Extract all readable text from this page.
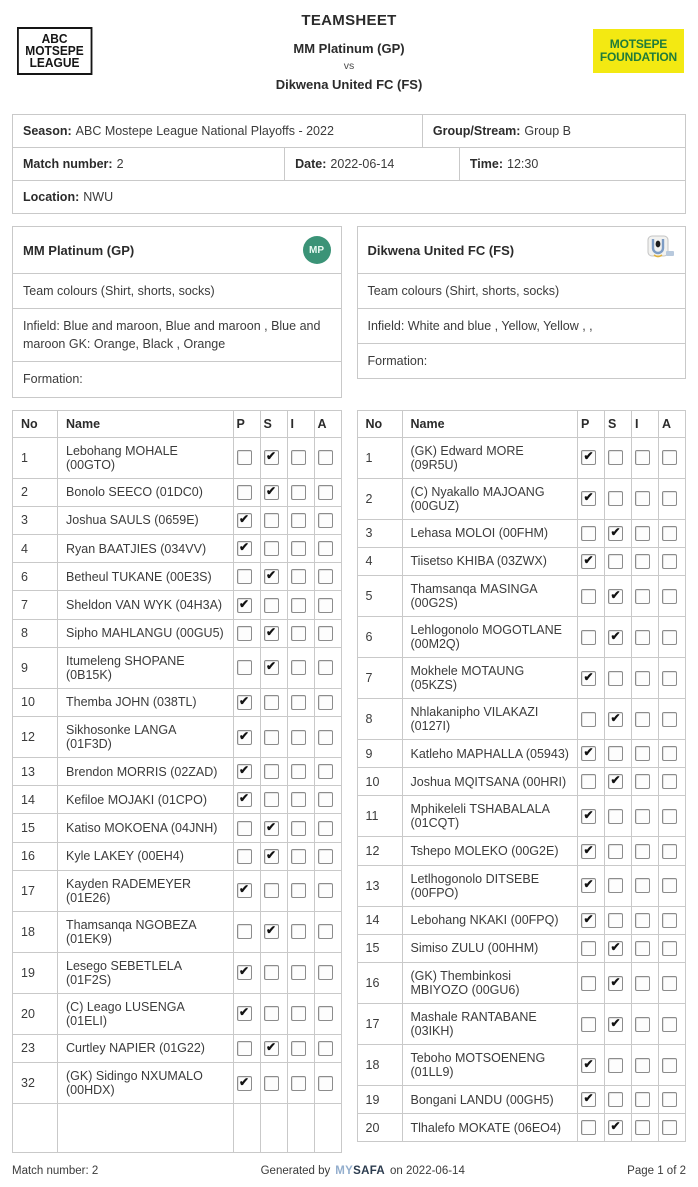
TEAMSHEET
ABC
MOTSEPE
LEAGUE
MM Platinum (GP)
vs
Dikwena United FC (FS)
MOTSEPE
FOUNDATION
Season: ABC Mostepe League National Playoffs - 2022	Group/Stream: Group B
Match number: 2	Date: 2022-06-14	Time: 12:30
Location: NWU
MM Platinum (GP)	MP
Team colours (Shirt, shorts, socks)
Infield: Blue and maroon, Blue and maroon , Blue and maroon GK: Orange, Black , Orange
Formation:
Dikwena United FC (FS)
Team colours (Shirt, shorts, socks)
Infield: White and blue , Yellow, Yellow , ,
Formation:
No	Name	P	S	I	A
1	Lebohang MOHALE (00GTO)		✔		
2	Bonolo SEECO (01DC0)		✔		
3	Joshua SAULS (0659E)	✔			
4	Ryan BAATJIES (034VV)	✔			
6	Betheul TUKANE (00E3S)		✔		
7	Sheldon VAN WYK (04H3A)	✔			
8	Sipho MAHLANGU (00GU5)		✔		
9	Itumeleng SHOPANE (0B15K)		✔		
10	Themba JOHN (038TL)	✔			
12	Sikhosonke LANGA (01F3D)	✔			
13	Brendon MORRIS (02ZAD)	✔			
14	Kefiloe MOJAKI (01CPO)	✔			
15	Katiso MOKOENA (04JNH)		✔		
16	Kyle LAKEY (00EH4)		✔		
17	Kayden RADEMEYER (01E26)	✔			
18	Thamsanqa NGOBEZA (01EK9)		✔		
19	Lesego SEBETLELA (01F2S)	✔			
20	(C) Leago LUSENGA (01ELI)	✔			
23	Curtley NAPIER (01G22)		✔		
32	(GK) Sidingo NXUMALO (00HDX)	✔			

No	Name	P	S	I	A
1	(GK) Edward MORE (09R5U)	✔			
2	(C) Nyakallo MAJOANG (00GUZ)	✔			
3	Lehasa MOLOI (00FHM)		✔		
4	Tiisetso KHIBA (03ZWX)	✔			
5	Thamsanqa MASINGA (00G2S)		✔		
6	Lehlogonolo MOGOTLANE (00M2Q)		✔		
7	Mokhele MOTAUNG (05KZS)	✔			
8	Nhlakanipho VILAKAZI (0127I)		✔		
9	Katleho MAPHALLA (05943)	✔			
10	Joshua MQITSANA (00HRI)		✔		
11	Mphikeleli TSHABALALA (01CQT)	✔			
12	Tshepo MOLEKO (00G2E)	✔			
13	Letlhogonolo DITSEBE (00FPO)	✔			
14	Lebohang NKAKI (00FPQ)	✔			
15	Simiso ZULU (00HHM)		✔		
16	(GK) Thembinkosi MBIYOZO (00GU6)		✔		
17	Mashale RANTABANE (03IKH)		✔		
18	Teboho MOTSOENENG (01LL9)	✔			
19	Bongani LANDU (00GH5)	✔			
20	Tlhalefo MOKATE (06EO4)		✔		
Match number: 2	Generated by MYSAFA on 2022-06-14	Page 1 of 2
